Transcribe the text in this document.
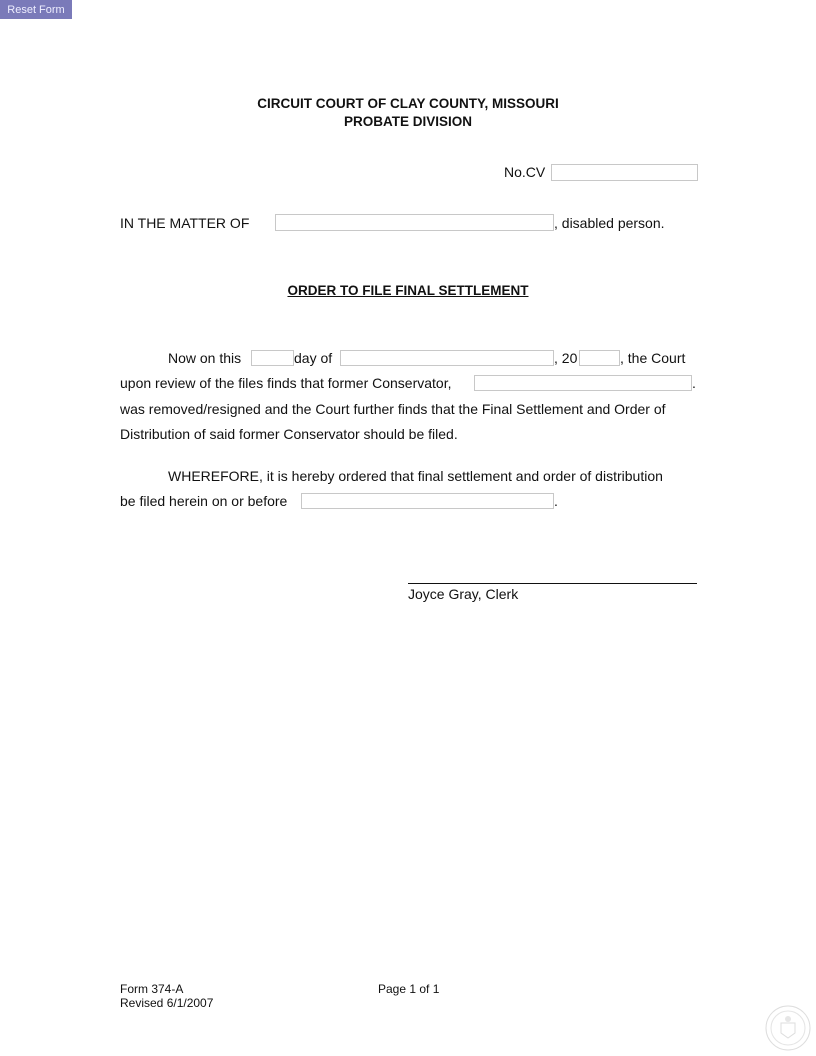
Reset Form
CIRCUIT COURT OF CLAY COUNTY, MISSOURI
PROBATE DIVISION
No.CV
IN THE MATTER OF	, disabled person.
ORDER TO FILE FINAL SETTLEMENT
Now on this	day of	, 20	, the Court
upon review of the files finds that former Conservator,	.
was removed/resigned and the Court further finds that the Final Settlement and Order of
Distribution of said former Conservator should be filed.
WHEREFORE, it is hereby ordered that final settlement and order of distribution
be filed herein on or before	.
Joyce Gray, Clerk
Form 374-A
Revised 6/1/2007
Page 1 of 1
